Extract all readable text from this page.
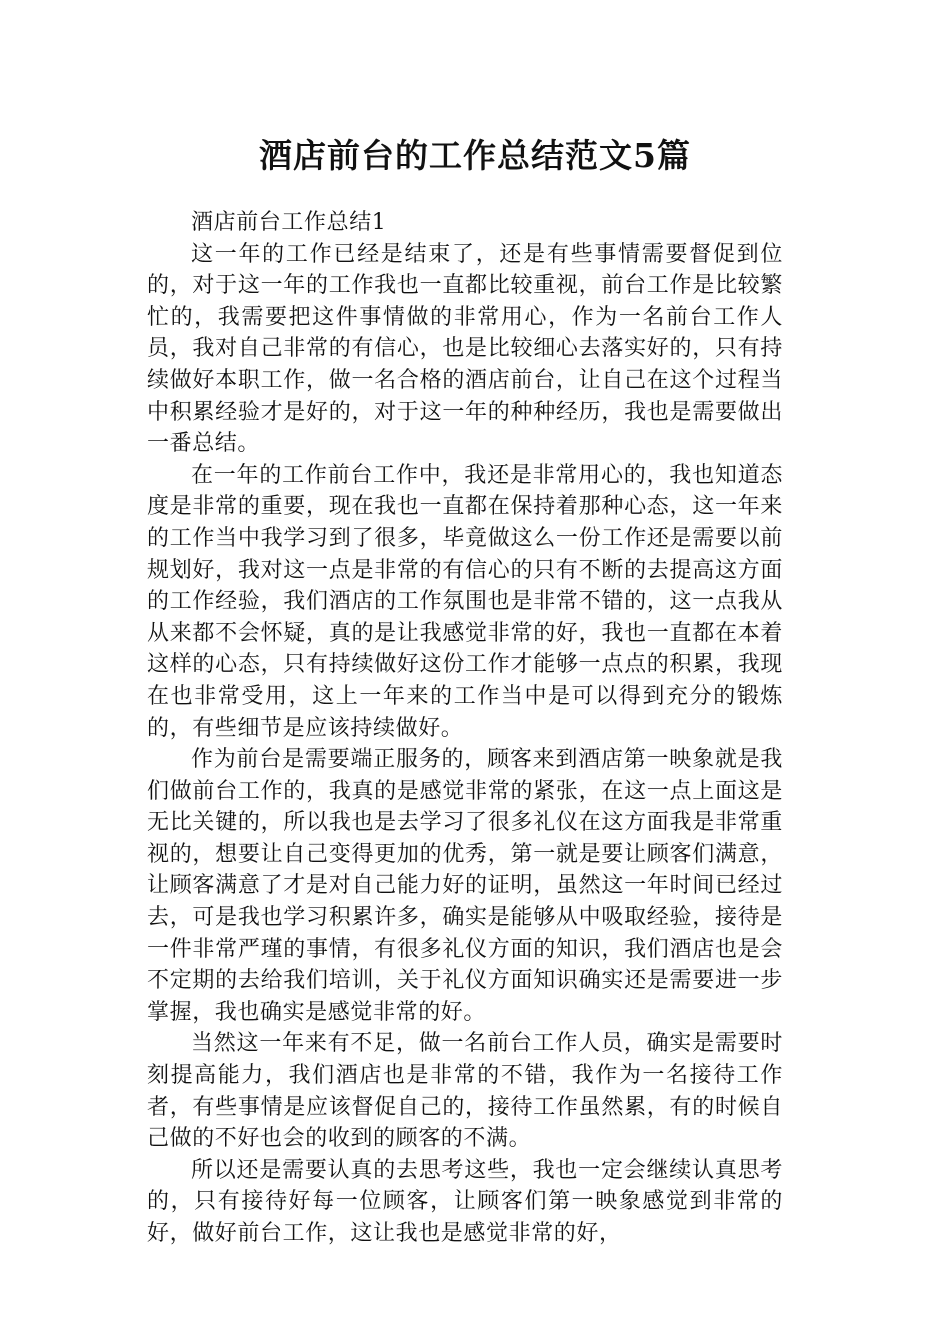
酒店前台的工作总结范文5篇

酒店前台工作总结1

这一年的工作已经是结束了，还是有些事情需要督促到位的，对于这一年的工作我也一直都比较重视，前台工作是比较繁忙的，我需要把这件事情做的非常用心，作为一名前台工作人员，我对自己非常的有信心，也是比较细心去落实好的，只有持续做好本职工作，做一名合格的酒店前台，让自己在这个过程当中积累经验才是好的，对于这一年的种种经历，我也是需要做出一番总结。

在一年的工作前台工作中，我还是非常用心的，我也知道态度是非常的重要，现在我也一直都在保持着那种心态，这一年来的工作当中我学习到了很多，毕竟做这么一份工作还是需要以前规划好，我对这一点是非常的有信心的只有不断的去提高这方面的工作经验，我们酒店的工作氛围也是非常不错的，这一点我从从来都不会怀疑，真的是让我感觉非常的好，我也一直都在本着这样的心态，只有持续做好这份工作才能够一点点的积累，我现在也非常受用，这上一年来的工作当中是可以得到充分的锻炼的，有些细节是应该持续做好。

作为前台是需要端正服务的，顾客来到酒店第一映象就是我们做前台工作的，我真的是感觉非常的紧张，在这一点上面这是无比关键的，所以我也是去学习了很多礼仪在这方面我是非常重视的，想要让自己变得更加的优秀，第一就是要让顾客们满意，让顾客满意了才是对自己能力好的证明，虽然这一年时间已经过去，可是我也学习积累许多，确实是能够从中吸取经验，接待是一件非常严瑾的事情，有很多礼仪方面的知识，我们酒店也是会不定期的去给我们培训，关于礼仪方面知识确实还是需要进一步掌握，我也确实是感觉非常的好。

当然这一年来有不足，做一名前台工作人员，确实是需要时刻提高能力，我们酒店也是非常的不错，我作为一名接待工作者，有些事情是应该督促自己的，接待工作虽然累，有的时候自己做的不好也会的收到的顾客的不满。

所以还是需要认真的去思考这些，我也一定会继续认真思考的，只有接待好每一位顾客，让顾客们第一映象感觉到非常的好，做好前台工作，这让我也是感觉非常的好，
